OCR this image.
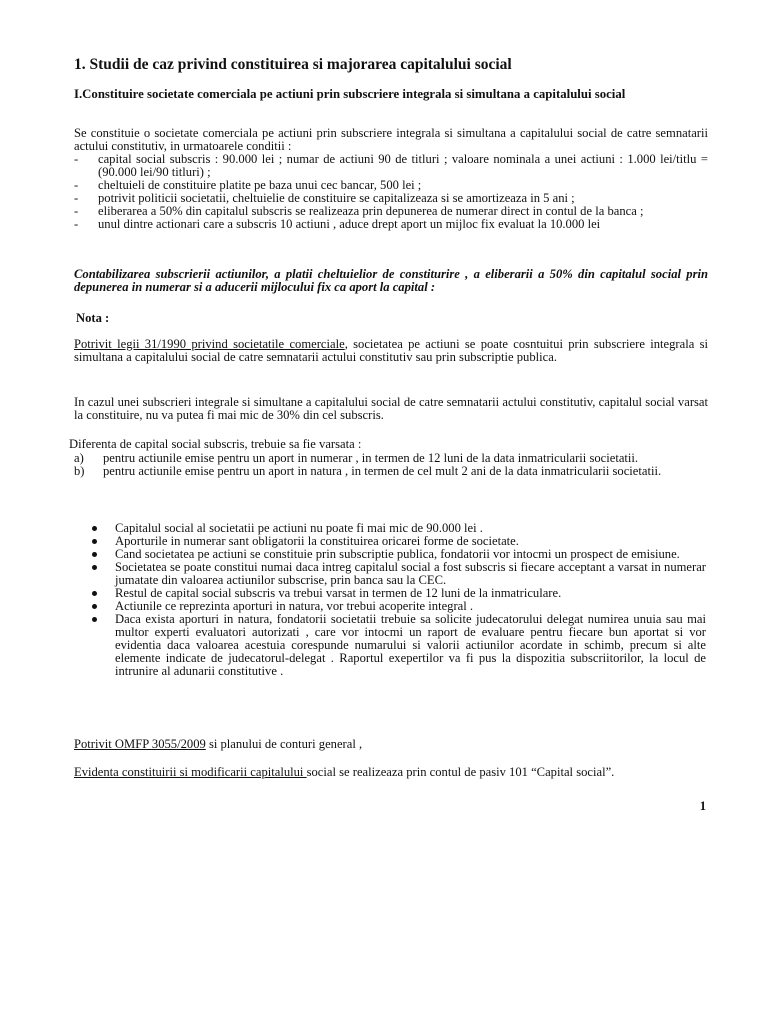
1. Studii de caz privind constituirea si majorarea capitalului social
I.Constituire societate comerciala pe actiuni prin subscriere integrala si simultana a capitalului social

Se constituie o societate comerciala pe actiuni prin subscriere integrala si simultana a capitalului social de catre semnatarii actului constitutiv, in urmatoarele conditii :

- capital social subscris : 90.000 lei ; numar de actiuni 90 de titluri ; valoare nominala a unei actiuni : 1.000 lei/titlu =(90.000 lei/90 titluri) ;
- cheltuieli de constituire platite pe baza unui cec bancar, 500 lei ;
- potrivit politicii societatii, cheltuielie de constituire se capitalizeaza si se amortizeaza in 5 ani ;
- eliberarea a 50% din capitalul subscris se realizeaza prin depunerea de numerar direct in contul de la banca ;
- unul dintre actionari care a subscris 10 actiuni , aduce drept aport un mijloc fix evaluat la 10.000 lei

Contabilizarea subscrierii actiunilor, a platii cheltuielior de constiturire , a eliberarii a 50% din capitalul social prin depunerea in numerar si a aducerii mijlocului fix ca aport la capital :

Nota :

Potrivit legii 31/1990 privind societatile comerciale, societatea pe actiuni se poate cosntuitui prin subscriere integrala si simultana a capitalului social de catre semnatarii actului constitutiv sau prin subscriptie publica.

In cazul unei subscrieri integrale si simultane a capitalului social de catre semnatarii actului constitutiv, capitalul social varsat la constituire, nu va putea fi mai mic de 30% din cel subscris.

Diferenta de capital social subscris, trebuie sa fie varsata :

a) pentru actiunile emise pentru un aport in numerar , in termen de 12 luni de la data inmatricularii societatii.
b) pentru actiunile emise pentru un aport in natura , in termen de cel mult 2 ani de la data inmatricularii societatii.
Capitalul social al societatii pe actiuni nu poate fi mai mic de 90.000 lei .
Aporturile in numerar sant obligatorii la constituirea oricarei forme de societate.
Cand societatea pe actiuni se constituie prin subscriptie publica, fondatorii vor intocmi un prospect de emisiune.
Societatea se poate constitui numai daca intreg capitalul social a fost subscris si fiecare acceptant a varsat in numerar jumatate din valoarea actiunilor subscrise, prin banca sau la CEC.
Restul de capital social subscris va trebui varsat in termen de 12 luni de la inmatriculare.
Actiunile ce reprezinta aporturi in natura, vor trebui acoperite integral .
Daca exista aporturi in natura, fondatorii societatii trebuie sa solicite judecatorului delegat numirea unuia sau mai multor experti evaluatori autorizati , care vor intocmi un raport de evaluare pentru fiecare bun aportat si vor evidentia daca valoarea acestuia corespunde numarului si valorii actiunilor acordate in schimb, precum si alte elemente indicate de judecatorul-delegat . Raportul exepertilor va fi pus la dispozitia subscriitorilor, la locul de intrunire al adunarii constitutive .

Potrivit OMFP 3055/2009 si planului de conturi general ,

Evidenta constituirii si modificarii capitalului social se realizeaza prin contul de pasiv 101 “Capital social”.

1
